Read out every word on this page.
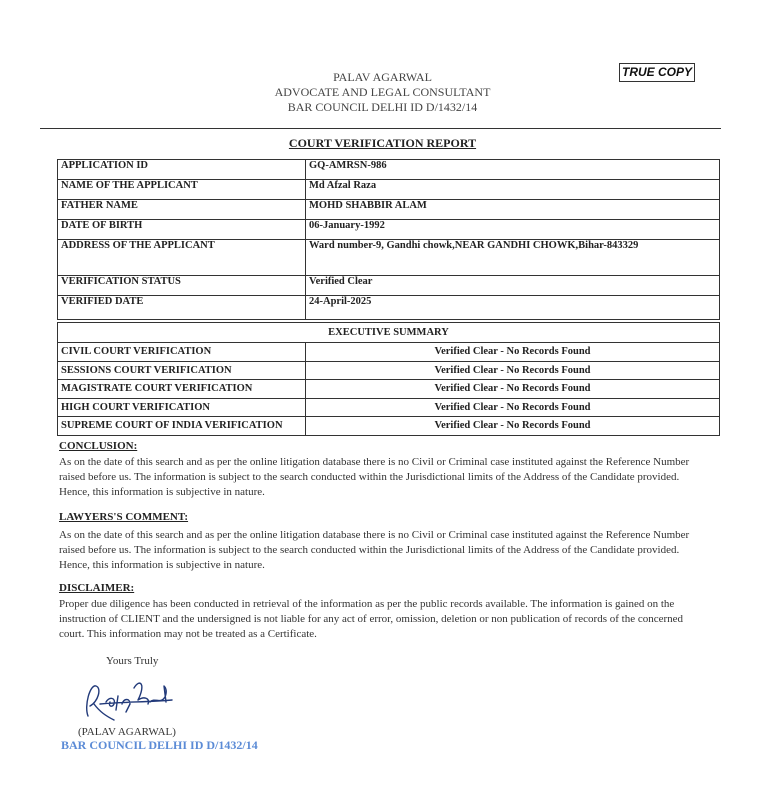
TRUE COPY
PALAV AGARWAL
ADVOCATE AND LEGAL CONSULTANT
BAR COUNCIL DELHI ID D/1432/14
COURT VERIFICATION REPORT
APPLICATION ID	GQ-AMRSN-986
NAME OF THE APPLICANT	Md Afzal Raza
FATHER NAME	MOHD SHABBIR ALAM
DATE OF BIRTH	06-January-1992
ADDRESS OF THE APPLICANT	Ward number-9, Gandhi chowk,NEAR GANDHI CHOWK,Bihar-843329
VERIFICATION STATUS	Verified Clear
VERIFIED DATE	24-April-2025
EXECUTIVE SUMMARY	
CIVIL COURT VERIFICATION	Verified Clear - No Records Found
SESSIONS COURT VERIFICATION	Verified Clear - No Records Found
MAGISTRATE COURT VERIFICATION	Verified Clear - No Records Found
HIGH COURT VERIFICATION	Verified Clear - No Records Found
SUPREME COURT OF INDIA VERIFICATION	Verified Clear - No Records Found
CONCLUSION:
As on the date of this search and as per the online litigation database there is no Civil or Criminal case instituted against the Reference Number raised before us. The information is subject to the search conducted within the Jurisdictional limits of the Address of the Candidate provided. Hence, this information is subjective in nature.
LAWYERS'S COMMENT:
As on the date of this search and as per the online litigation database there is no Civil or Criminal case instituted against the Reference Number raised before us. The information is subject to the search conducted within the Jurisdictional limits of the Address of the Candidate provided. Hence, this information is subjective in nature.
DISCLAIMER:
Proper due diligence has been conducted in retrieval of the information as per the public records available. The information is gained on the instruction of CLIENT and the undersigned is not liable for any act of error, omission, deletion or non publication of records of the concerned court. This information may not be treated as a Certificate.
Yours Truly
(PALAV AGARWAL)
BAR COUNCIL DELHI ID D/1432/14
